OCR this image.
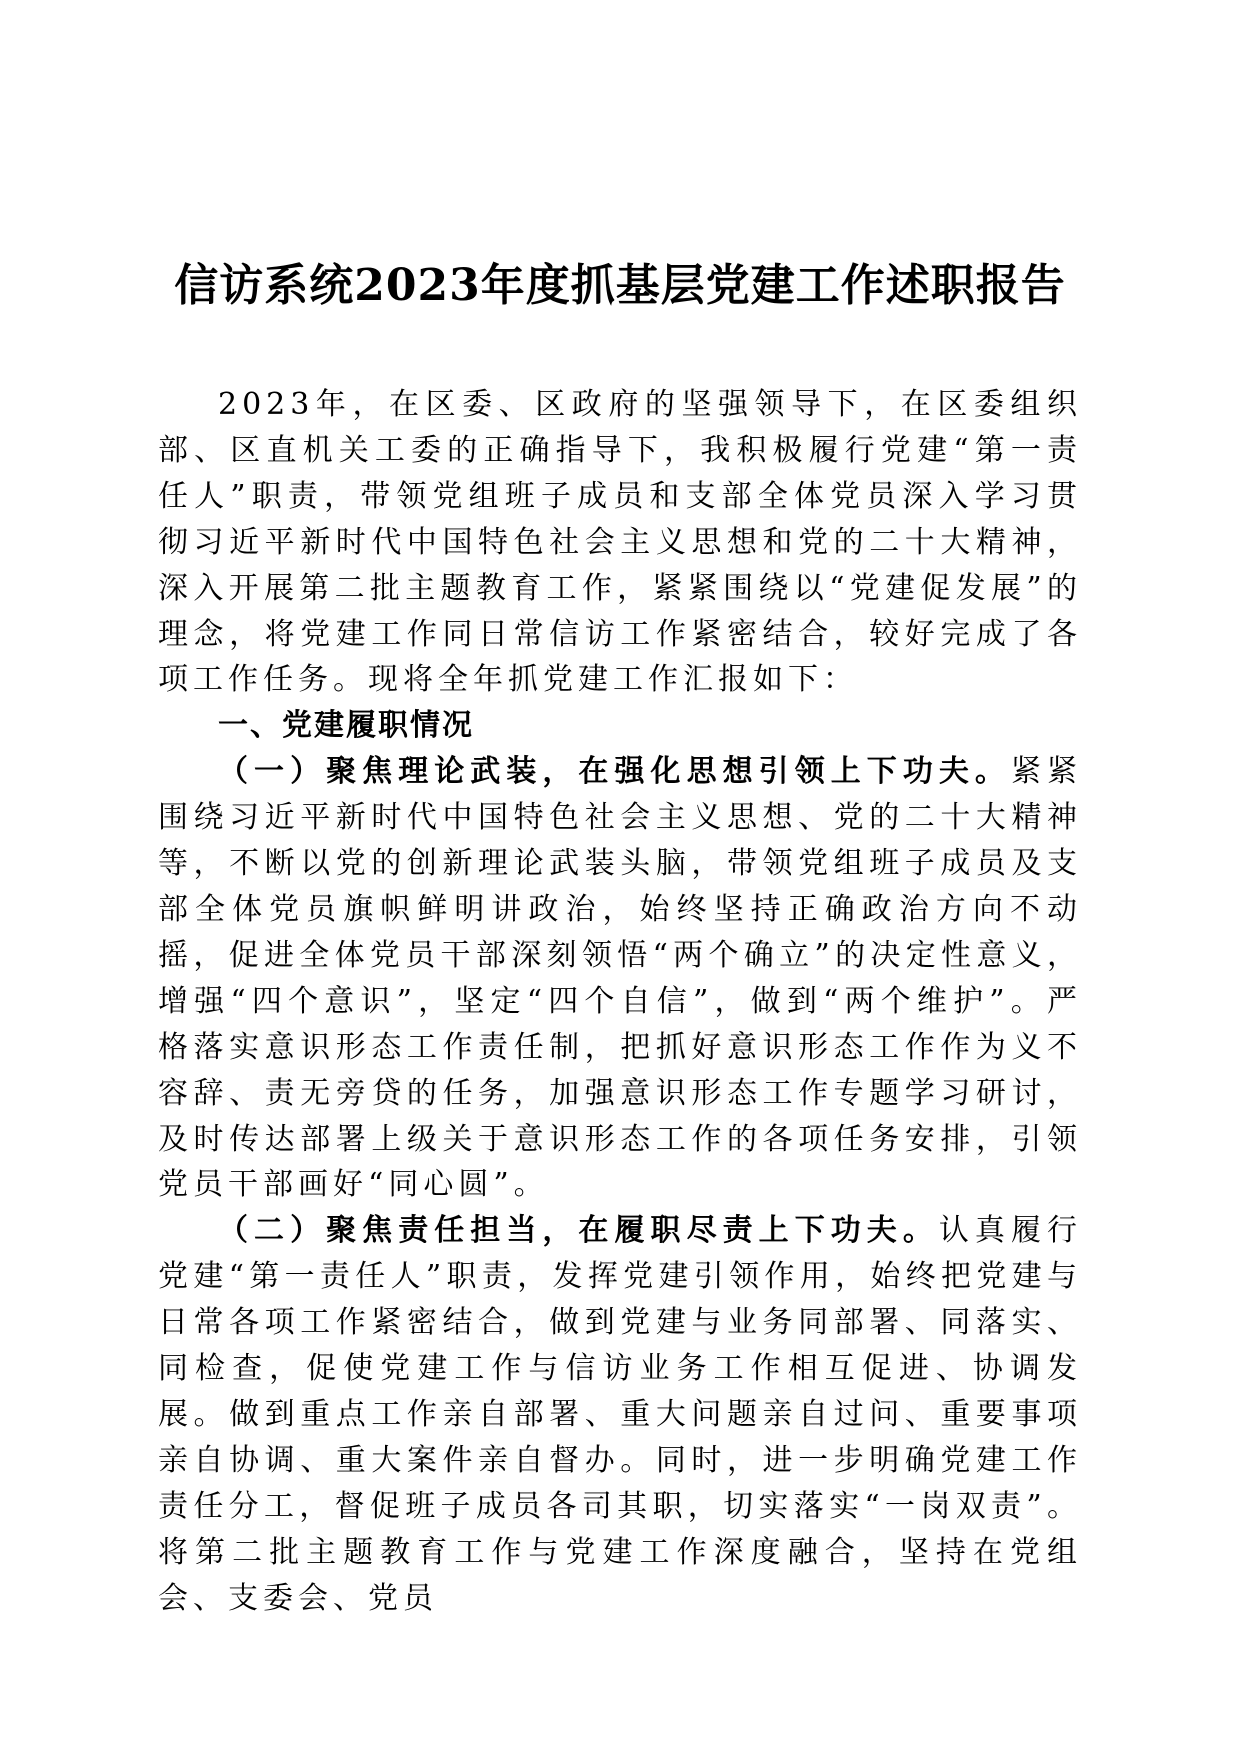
信访系统2023年度抓基层党建工作述职报告

2023年，在区委、区政府的坚强领导下，在区委组织部、区直机关工委的正确指导下，我积极履行党建“第一责任人”职责，带领党组班子成员和支部全体党员深入学习贯彻习近平新时代中国特色社会主义思想和党的二十大精神，深入开展第二批主题教育工作，紧紧围绕以“党建促发展”的理念，将党建工作同日常信访工作紧密结合，较好完成了各项工作任务。现将全年抓党建工作汇报如下：

一、党建履职情况

（一）聚焦理论武装，在强化思想引领上下功夫。紧紧围绕习近平新时代中国特色社会主义思想、党的二十大精神等，不断以党的创新理论武装头脑，带领党组班子成员及支部全体党员旗帜鲜明讲政治，始终坚持正确政治方向不动摇，促进全体党员干部深刻领悟“两个确立”的决定性意义，增强“四个意识”，坚定“四个自信”，做到“两个维护”。严格落实意识形态工作责任制，把抓好意识形态工作作为义不容辞、责无旁贷的任务，加强意识形态工作专题学习研讨，及时传达部署上级关于意识形态工作的各项任务安排，引领党员干部画好“同心圆”。

（二）聚焦责任担当，在履职尽责上下功夫。认真履行党建“第一责任人”职责，发挥党建引领作用，始终把党建与日常各项工作紧密结合，做到党建与业务同部署、同落实、同检查，促使党建工作与信访业务工作相互促进、协调发展。做到重点工作亲自部署、重大问题亲自过问、重要事项亲自协调、重大案件亲自督办。同时，进一步明确党建工作责任分工，督促班子成员各司其职，切实落实“一岗双责”。将第二批主题教育工作与党建工作深度融合，坚持在党组会、支委会、党员
